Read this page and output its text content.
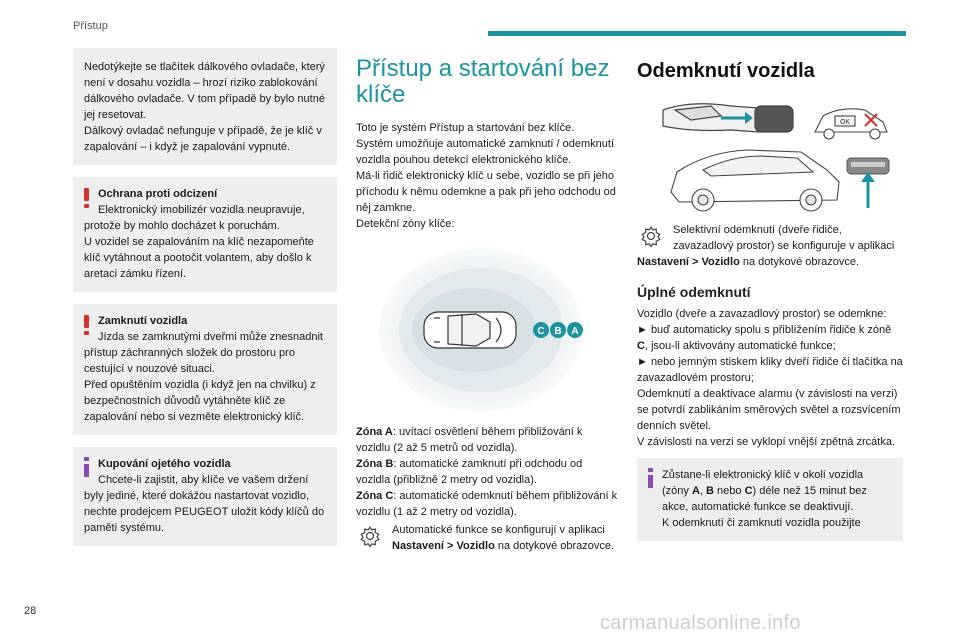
Přístup

Nedotýkejte se tlačítek dálkového ovladače, který není v dosahu vozidla – hrozí riziko zablokování dálkového ovladače. V tom případě by bylo nutné jej resetovat.
Dálkový ovladač nefunguje v případě, že je klíč v zapalování – i když je zapalování vypnuté.

Ochrana proti odcizení

Elektronický imobilizér vozidla neupravuje, protože by mohlo docházet k poruchám.
U vozidel se zapalováním na klíč nezapomeňte klíč vytáhnout a pootočit volantem, aby došlo k aretaci zámku řízení.

Zamknutí vozidla

Jízda se zamknutými dveřmi může znesnadnit přístup záchranných složek do prostoru pro cestující v nouzové situaci.
Před opuštěním vozidla (i když jen na chvilku) z bezpečnostních důvodů vytáhněte klíč ze zapalování nebo si vezměte elektronický klíč.

Kupování ojetého vozidla

Chcete-li zajistit, aby klíče ve vašem držení byly jediné, které dokážou nastartovat vozidlo, nechte prodejcem PEUGEOT uložit kódy klíčů do paměti systému.

Přístup a startování bez klíče

Toto je systém Přístup a startování bez klíče.
Systém umožňuje automatické zamknutí / odemknutí vozidla pouhou detekcí elektronického klíče.
Má-li řidič elektronický klíč u sebe, vozidlo se při jeho příchodu k němu odemkne a pak při jeho odchodu od něj zamkne.
Detekční zóny klíče:

C B A

Zóna A: uvítací osvětlení během přibližování k vozidlu (2 až 5 metrů od vozidla).

Zóna B: automatické zamknutí při odchodu od vozidla (přibližně 2 metry od vozidla).

Zóna C: automatické odemknutí během přibližování k vozidlu (1 až 2 metry od vozidla).

Automatické funkce se konfigurují v aplikaci Nastavení > Vozidlo na dotykové obrazovce.

Odemknutí vozidla
OK

Selektivní odemknutí (dveře řidiče, zavazadlový prostor) se konfiguruje v aplikaci Nastavení > Vozidlo na dotykové obrazovce.

Úplné odemknutí

Vozidlo (dveře a zavazadlový prostor) se odemkne:

► buď automaticky spolu s přiblížením řidiče k zóně C, jsou-li aktivovány automatické funkce;

► nebo jemným stiskem kliky dveří řidiče či tlačítka na zavazadlovém prostoru;

Odemknutí a deaktivace alarmu (v závislosti na verzi) se potvrdí zablikáním směrových světel a rozsvícením denních světel.
V závislosti na verzi se vyklopí vnější zpětná zrcátka.

Zůstane-li elektronický klíč v okolí vozidla (zóny A, B nebo C) déle než 15 minut bez akce, automatické funkce se deaktivují.
K odemknutí či zamknutí vozidla použijte

28
carmanualsonline.info
